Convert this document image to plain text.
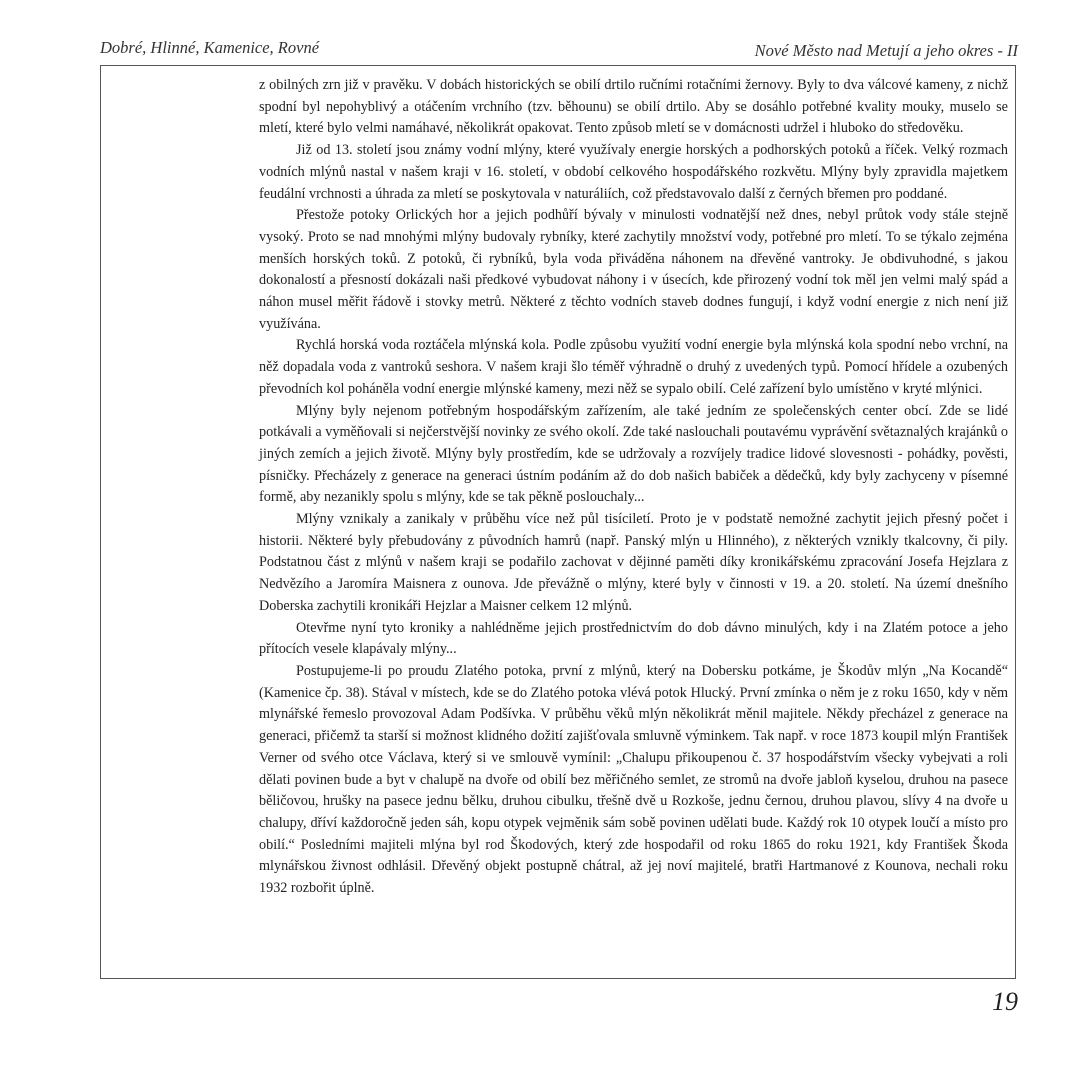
Dobré, Hlinné, Kamenice, Rovné	Nové Město nad Metují a jeho okres - II

z obilných zrn již v pravěku. V dobách historických se obilí drtilo ručními rotačními žernovy. Byly to dva válcové kameny, z nichž spodní byl nepohyblivý a otáčením vrchního (tzv. běhounu) se obilí drtilo. Aby se dosáhlo potřebné kvality mouky, muselo se mletí, které bylo velmi namáhavé, několikrát opakovat. Tento způsob mletí se v domácnosti udržel i hluboko do středověku.

Již od 13. století jsou známy vodní mlýny, které využívaly energie horských a podhorských potoků a říček. Velký rozmach vodních mlýnů nastal v našem kraji v 16. století, v období celkového hospodářského rozkvětu. Mlýny byly zpravidla majetkem feudální vrchnosti a úhrada za mletí se poskytovala v naturáliích, což představovalo další z černých břemen pro poddané.

Přestože potoky Orlických hor a jejich podhůří bývaly v minulosti vodnatější než dnes, nebyl průtok vody stále stejně vysoký. Proto se nad mnohými mlýny budovaly rybníky, které zachytily množství vody, potřebné pro mletí. To se týkalo zejména menších horských toků. Z potoků, či rybníků, byla voda přiváděna náhonem na dřevěné vantroky. Je obdivuhodné, s jakou dokonalostí a přesností dokázali naši předkové vybudovat náhony i v úsecích, kde přirozený vodní tok měl jen velmi malý spád a náhon musel měřit řádově i stovky metrů. Některé z těchto vodních staveb dodnes fungují, i když vodní energie z nich není již využívána.

Rychlá horská voda roztáčela mlýnská kola. Podle způsobu využití vodní energie byla mlýnská kola spodní nebo vrchní, na něž dopadala voda z vantroků seshora. V našem kraji šlo téměř výhradně o druhý z uvedených typů. Pomocí hřídele a ozubených převodních kol poháněla vodní energie mlýnské kameny, mezi něž se sypalo obilí. Celé zařízení bylo umístěno v kryté mlýnici.

Mlýny byly nejenom potřebným hospodářským zařízením, ale také jedním ze společenských center obcí. Zde se lidé potkávali a vyměňovali si nejčerstvější novinky ze svého okolí. Zde také naslouchali poutavému vyprávění světaznalých krajánků o jiných zemích a jejich životě. Mlýny byly prostředím, kde se udržovaly a rozvíjely tradice lidové slovesnosti - pohádky, pověsti, písničky. Přecházely z generace na generaci ústním podáním až do dob našich babiček a dědečků, kdy byly zachyceny v písemné formě, aby nezanikly spolu s mlýny, kde se tak pěkně poslouchaly...

Mlýny vznikaly a zanikaly v průběhu více než půl tisíciletí. Proto je v podstatě nemožné zachytit jejich přesný počet i historii. Některé byly přebudovány z původních hamrů (např. Panský mlýn u Hlinného), z některých vznikly tkalcovny, či pily. Podstatnou část z mlýnů v našem kraji se podařilo zachovat v dějinné paměti díky kronikářskému zpracování Josefa Hejzlara z Nedvězího a Jaromíra Maisnera z ounova. Jde převážně o mlýny, které byly v činnosti v 19. a 20. století. Na území dnešního Doberska zachytili kronikáři Hejzlar a Maisner celkem 12 mlýnů.

Otevřme nyní tyto kroniky a nahlédněme jejich prostřednictvím do dob dávno minulých, kdy i na Zlatém potoce a jeho přítocích vesele klapávaly mlýny...

Postupujeme-li po proudu Zlatého potoka, první z mlýnů, který na Dobersku potkáme, je Škodův mlýn „Na Kocandě“ (Kamenice čp. 38). Stával v místech, kde se do Zlatého potoka vlévá potok Hlucký. První zmínka o něm je z roku 1650, kdy v něm mlynářské řemeslo provozoval Adam Podšívka. V průběhu věků mlýn několikrát měnil majitele. Někdy přecházel z generace na generaci, přičemž ta starší si možnost klidného dožití zajišťovala smluvně výminkem. Tak např. v roce 1873 koupil mlýn František Verner od svého otce Václava, který si ve smlouvě vymínil: „Chalupu přikoupenou č. 37 hospodářstvím všecky vybejvati a roli dělati povinen bude a byt v chalupě na dvoře od obilí bez měřičného semlet, ze stromů na dvoře jabloň kyselou, druhou na pasece běličovou, hrušky na pasece jednu bělku, druhou cibulku, třešně dvě u Rozkoše, jednu černou, druhou plavou, slívy 4 na dvoře u chalupy, dříví každoročně jeden sáh, kopu otypek vejměnik sám sobě povinen udělati bude. Každý rok 10 otypek loučí a místo pro obilí.“ Posledními majiteli mlýna byl rod Škodových, který zde hospodařil od roku 1865 do roku 1921, kdy František Škoda mlynářskou živnost odhlásil. Dřevěný objekt postupně chátral, až jej noví majitelé, bratři Hartmanové z Kounova, nechali roku 1932 rozbořit úplně.

19
